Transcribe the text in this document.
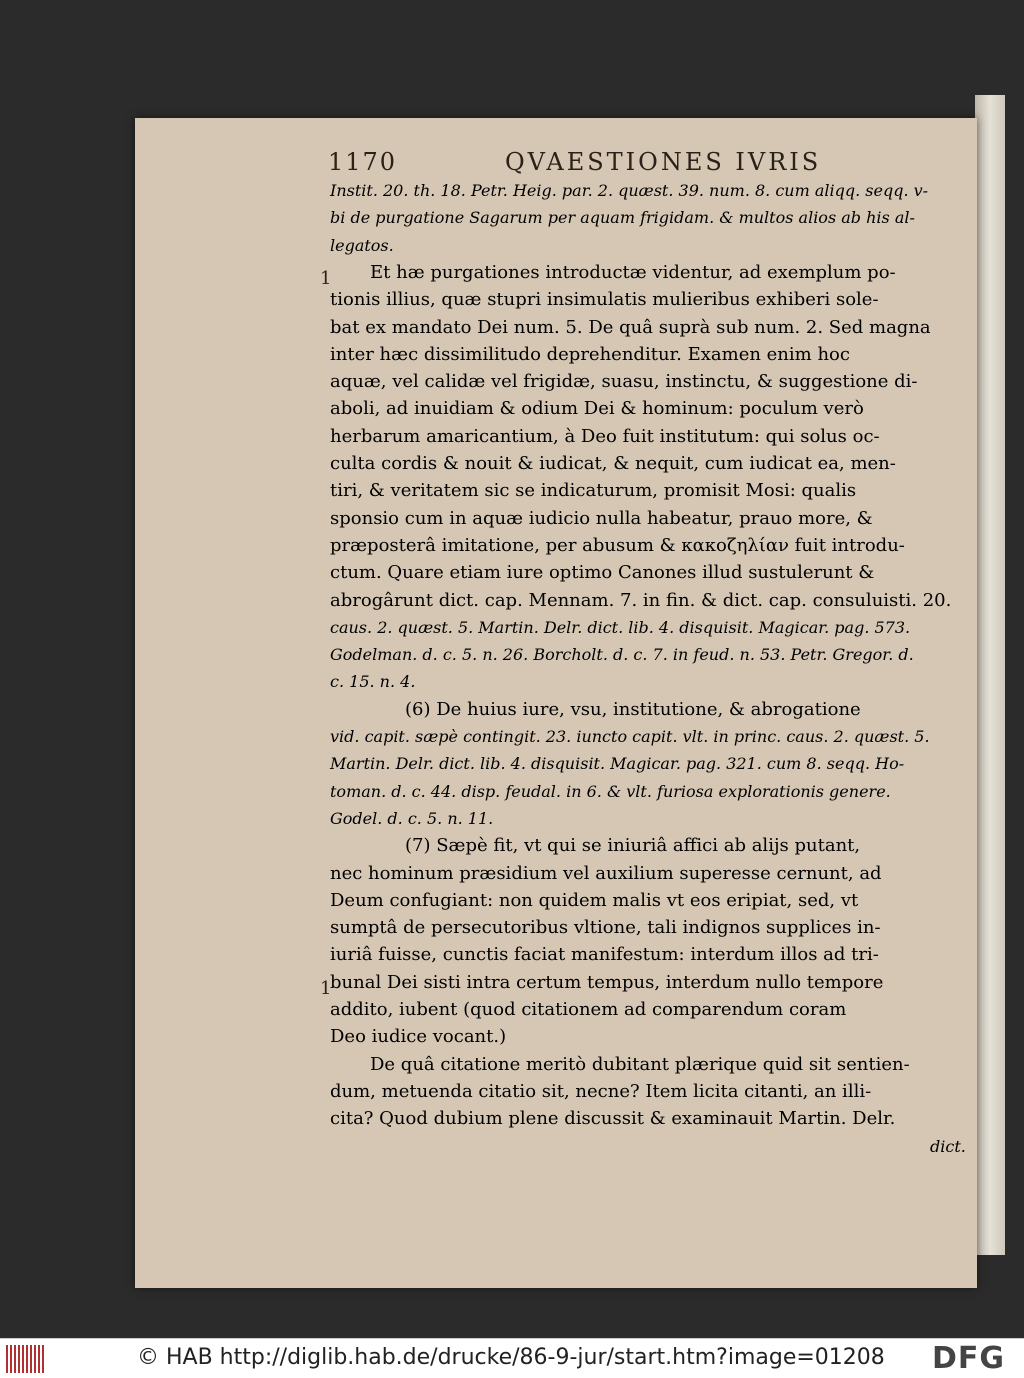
1170	QVAESTIONES IVRIS
1
1
Instit. 20. th. 18. Petr. Heig. par. 2. quæst. 39. num. 8. cum aliqq. seqq. v-
bi de purgatione Sagarum per aquam frigidam. & multos alios ab his al-
legatos.
Et hæ purgationes introductæ videntur, ad exemplum po-
tionis illius, quæ stupri insimulatis mulieribus exhiberi sole-
bat ex mandato Dei num. 5. De quâ suprà sub num. 2. Sed magna
inter hæc dissimilitudo deprehenditur. Examen enim hoc
aquæ, vel calidæ vel frigidæ, suasu, instinctu, & suggestione di-
aboli, ad inuidiam & odium Dei & hominum: poculum verò
herbarum amaricantium, à Deo fuit institutum: qui solus oc-
culta cordis & nouit & iudicat, & nequit, cum iudicat ea, men-
tiri, & veritatem sic se indicaturum, promisit Mosi: qualis
sponsio cum in aquæ iudicio nulla habeatur, prauo more, &
præposterâ imitatione, per abusum & κακοζηλίαν fuit introdu-
ctum. Quare etiam iure optimo Canones illud sustulerunt &
abrogârunt dict. cap. Mennam. 7. in fin. & dict. cap. consuluisti. 20.
caus. 2. quæst. 5. Martin. Delr. dict. lib. 4. disquisit. Magicar. pag. 573.
Godelman. d. c. 5. n. 26. Borcholt. d. c. 7. in feud. n. 53. Petr. Gregor. d.
c. 15. n. 4.
(6) De huius iure, vsu, institutione, & abrogatione
vid. capit. sæpè contingit. 23. iuncto capit. vlt. in princ. caus. 2. quæst. 5.
Martin. Delr. dict. lib. 4. disquisit. Magicar. pag. 321. cum 8. seqq. Ho-
toman. d. c. 44. disp. feudal. in 6. & vlt. furiosa explorationis genere.
Godel. d. c. 5. n. 11.
(7) Sæpè fit, vt qui se iniuriâ affici ab alijs putant,
nec hominum præsidium vel auxilium superesse cernunt, ad
Deum confugiant: non quidem malis vt eos eripiat, sed, vt
sumptâ de persecutoribus vltione, tali indignos supplices in-
iuriâ fuisse, cunctis faciat manifestum: interdum illos ad tri-
bunal Dei sisti intra certum tempus, interdum nullo tempore
addito, iubent (quod citationem ad comparendum coram
Deo iudice vocant.)
De quâ citatione meritò dubitant plærique quid sit sentien-
dum, metuenda citatio sit, necne? Item licita citanti, an illi-
cita? Quod dubium plene discussit & examinauit Martin. Delr.
dict.
© HAB http://diglib.hab.de/drucke/86-9-jur/start.htm?image=01208 DFG
